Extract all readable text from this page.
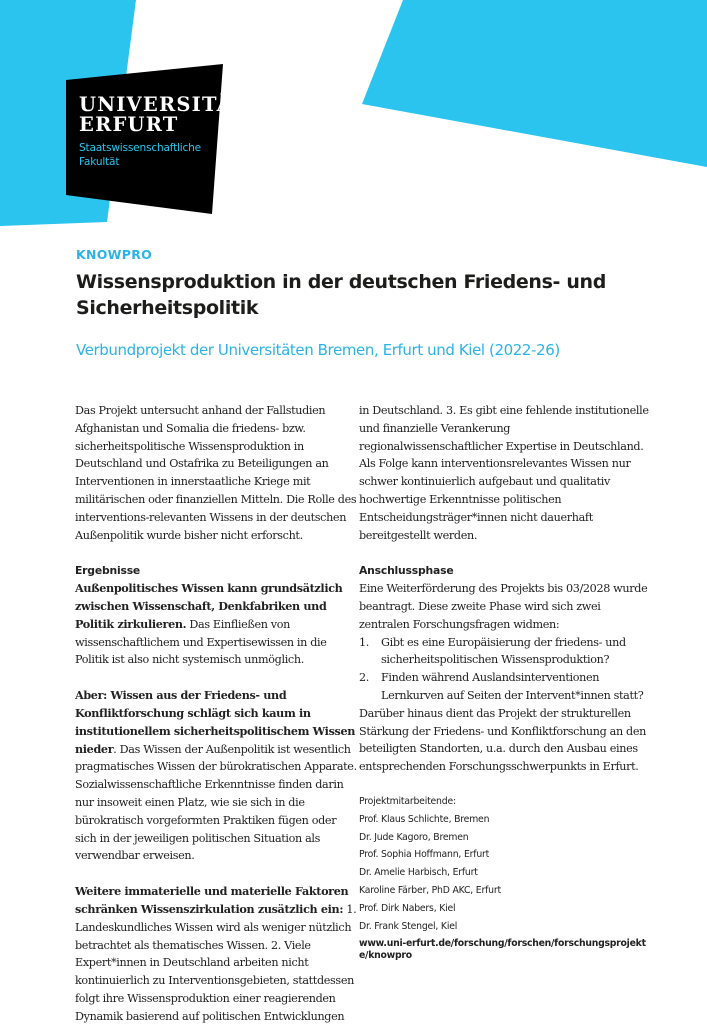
UNIVERSITÄT
ERFURT
Staatswissenschaftliche
Fakultät
KNOWPRO
Wissensproduktion in der deutschen Friedens- und
Sicherheitspolitik
Verbundprojekt der Universitäten Bremen, Erfurt und Kiel (2022-26)

Das Projekt untersucht anhand der Fallstudien Afghanistan und Somalia die friedens- bzw. sicherheitspolitische Wissensproduktion in Deutschland und Ostafrika zu Beteiligungen an Interventionen in innerstaatliche Kriege mit militärischen oder finanziellen Mitteln. Die Rolle des interventions-relevanten Wissens in der deutschen Außenpolitik wurde bisher nicht erforscht.

Ergebnisse

Außenpolitisches Wissen kann grundsätzlich zwischen Wissenschaft, Denkfabriken und Politik zirkulieren. Das Einfließen von wissenschaftlichem und Expertisewissen in die Politik ist also nicht systemisch unmöglich.

Aber: Wissen aus der Friedens- und Konfliktforschung schlägt sich kaum in institutionellem sicherheitspolitischem Wissen nieder. Das Wissen der Außenpolitik ist wesentlich pragmatisches Wissen der bürokratischen Apparate. Sozialwissenschaftliche Erkenntnisse finden darin nur insoweit einen Platz, wie sie sich in die bürokratisch vorgeformten Praktiken fügen oder sich in der jeweiligen politischen Situation als verwendbar erweisen.

Weitere immaterielle und materielle Faktoren schränken Wissenszirkulation zusätzlich ein: 1. Landeskundliches Wissen wird als weniger nützlich betrachtet als thematisches Wissen. 2. Viele Expert*innen in Deutschland arbeiten nicht kontinuierlich zu Interventionsgebieten, stattdessen folgt ihre Wissensproduktion einer reagierenden Dynamik basierend auf politischen Entwicklungen

in Deutschland. 3. Es gibt eine fehlende institutionelle und finanzielle Verankerung regionalwissenschaftlicher Expertise in Deutschland. Als Folge kann interventionsrelevantes Wissen nur schwer kontinuierlich aufgebaut und qualitativ hochwertige Erkenntnisse politischen Entscheidungsträger*innen nicht dauerhaft bereitgestellt werden.

Anschlussphase

Eine Weiterförderung des Projekts bis 03/2028 wurde beantragt. Diese zweite Phase wird sich zwei zentralen Forschungsfragen widmen:

1.	Gibt es eine Europäisierung der friedens- und sicherheitspolitischen Wissensproduktion?
2.	Finden während Auslandsinterventionen Lernkurven auf Seiten der Intervent*innen statt?

Darüber hinaus dient das Projekt der strukturellen Stärkung der Friedens- und Konfliktforschung an den beteiligten Standorten, u.a. durch den Ausbau eines entsprechenden Forschungsschwerpunkts in Erfurt.

Projektmitarbeitende:

Prof. Klaus Schlichte, Bremen

Dr. Jude Kagoro, Bremen

Prof. Sophia Hoffmann, Erfurt

Dr. Amelie Harbisch, Erfurt

Karoline Färber, PhD AKC, Erfurt

Prof. Dirk Nabers, Kiel

Dr. Frank Stengel, Kiel

www.uni-erfurt.de/forschung/forschen/forschungsprojekte/knowpro
